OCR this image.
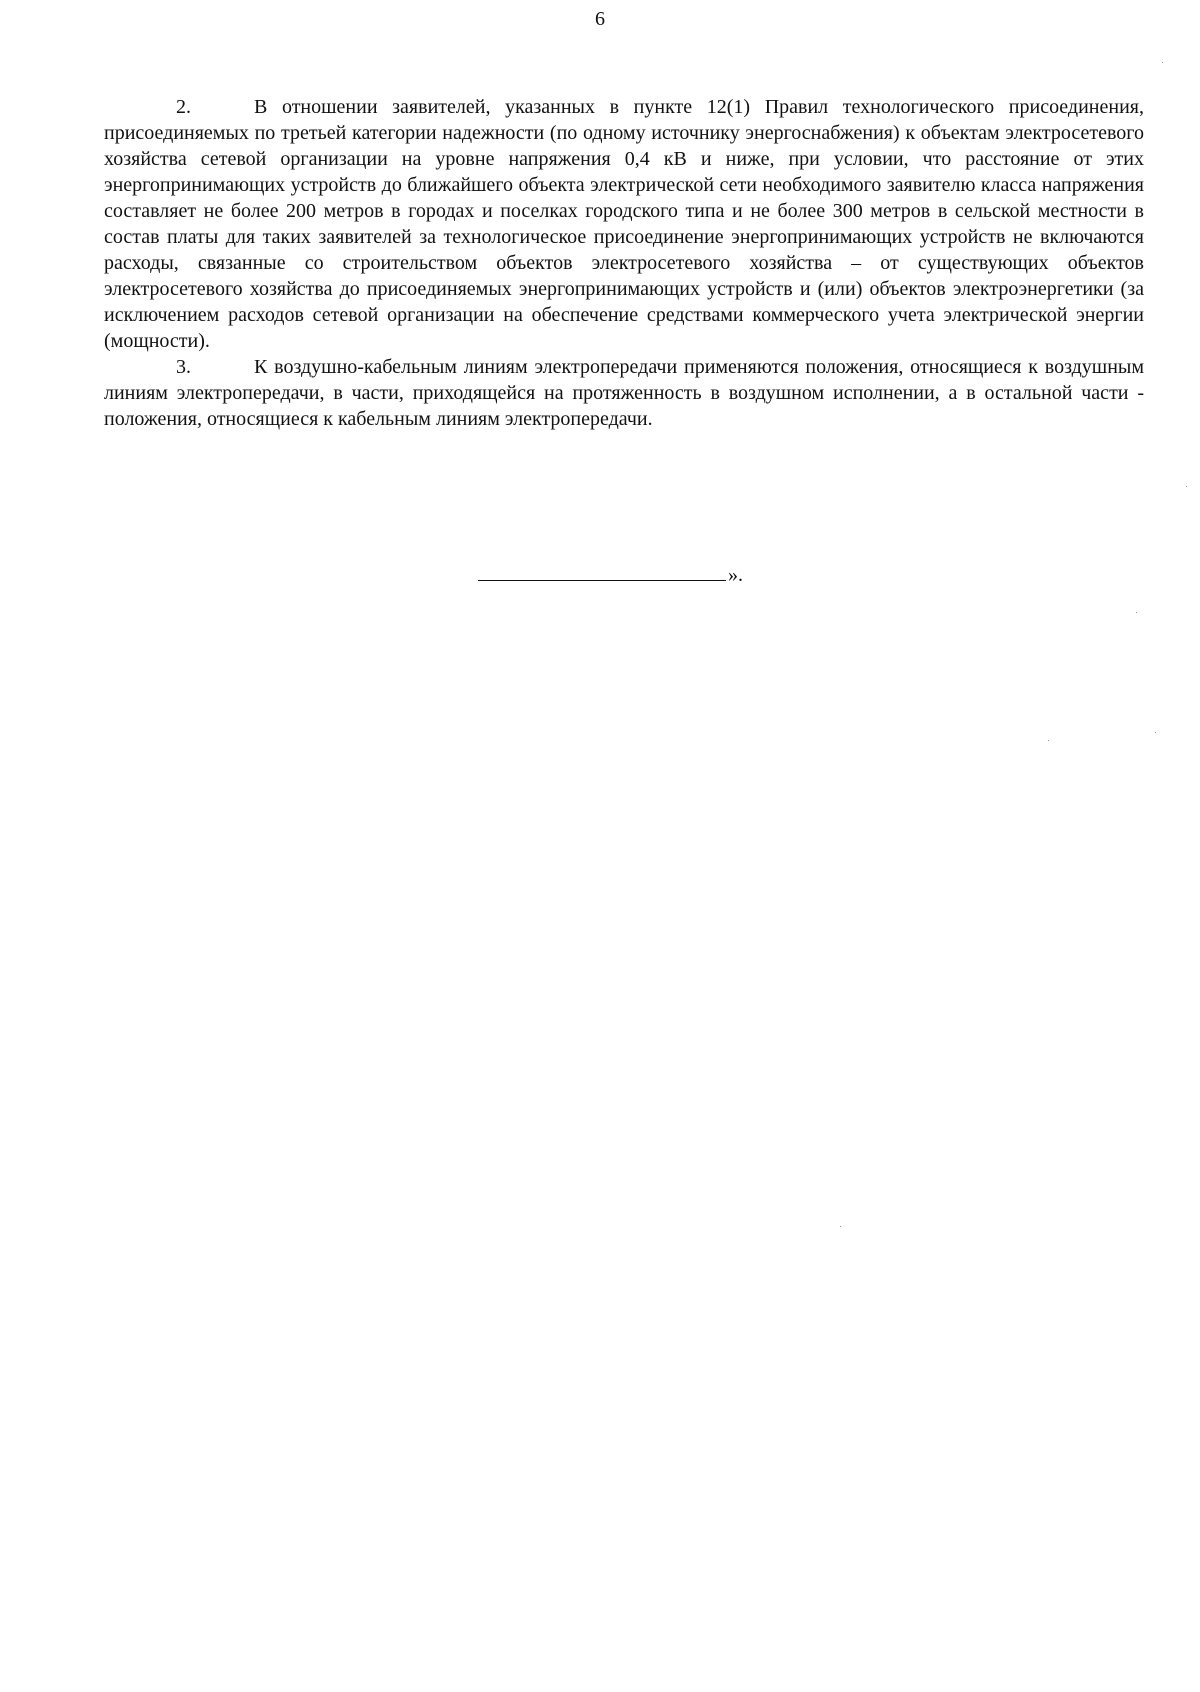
6

2.	В отношении заявителей, указанных в пункте 12(1) Правил технологического присоединения, присоединяемых по третьей категории надежности (по одному источнику энергоснабжения) к объектам электросетевого хозяйства сетевой организации на уровне напряжения 0,4 кВ и ниже, при условии, что расстояние от этих энергопринимающих устройств до ближайшего объекта электрической сети необходимого заявителю класса напряжения составляет не более 200 метров в городах и поселках городского типа и не более 300 метров в сельской местности в состав платы для таких заявителей за технологическое присоединение энергопринимающих устройств не включаются расходы, связанные со строительством объектов электросетевого хозяйства – от существующих объектов электросетевого хозяйства до присоединяемых энергопринимающих устройств и (или) объектов электроэнергетики (за исключением расходов сетевой организации на обеспечение средствами коммерческого учета электрической энергии (мощности).

3.	К воздушно-кабельным линиям электропередачи применяются положения, относящиеся к воздушным линиям электропередачи, в части, приходящейся на протяженность в воздушном исполнении, а в остальной части - положения, относящиеся к кабельным линиям электропередачи.

».
